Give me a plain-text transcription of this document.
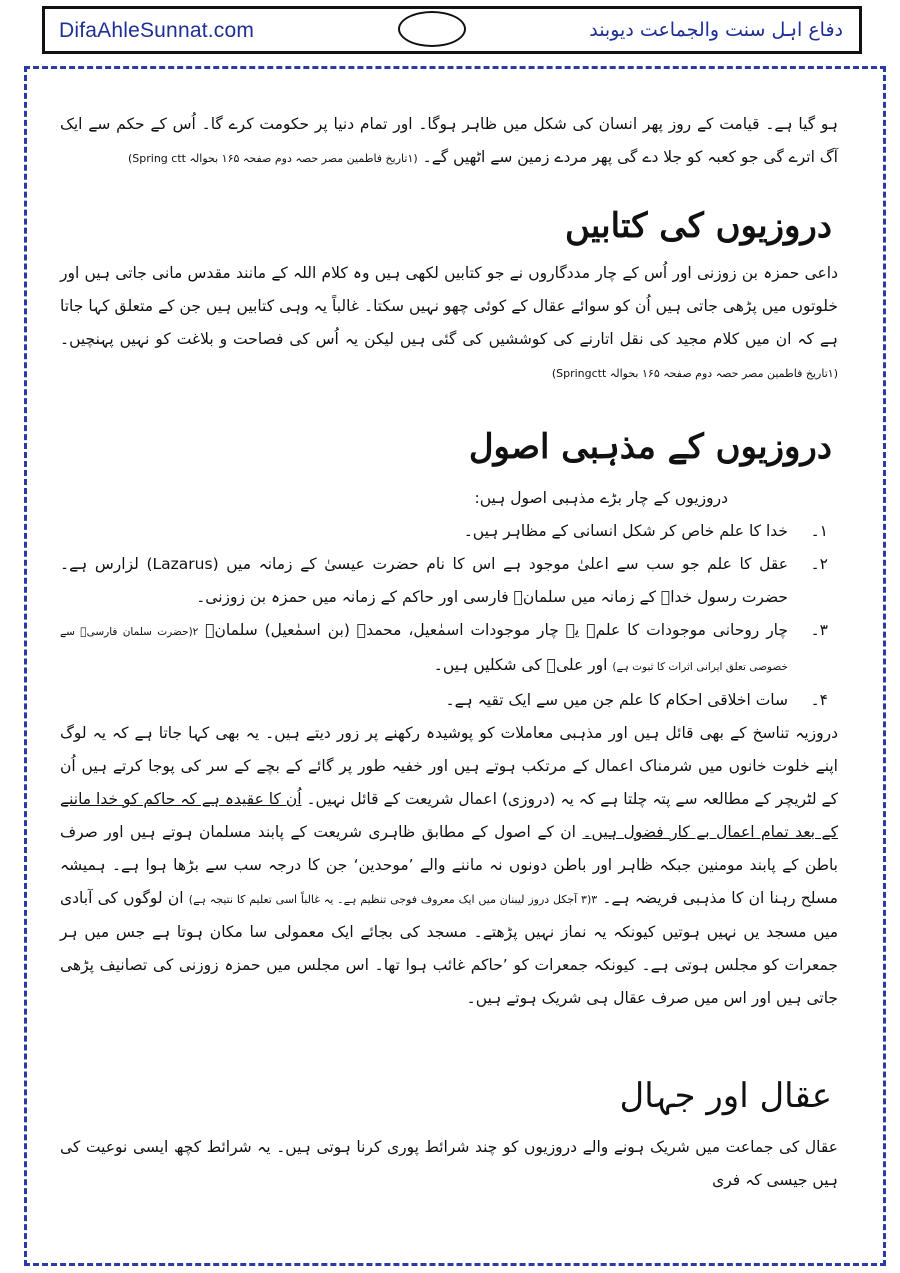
DifaAhleSunnat.com	دفاع اہل سنت والجماعت دیوبند

ہو گیا ہے۔ قیامت کے روز پھر انسان کی شکل میں ظاہر ہوگا۔ اور تمام دنیا پر حکومت کرے گا۔ اُس کے حکم سے ایک آگ اترے گی جو کعبہ کو جلا دے گی پھر مردے زمین سے اٹھیں گے۔ (۱تاریخ فاطمین مصر حصہ دوم صفحہ ۱۶۵ بحوالہ Spring ctt)

دروزیوں کی کتابیں

داعی حمزہ بن زوزنی اور اُس کے چار مددگاروں نے جو کتابیں لکھی ہیں وہ کلام اللہ کے مانند مقدس مانی جاتی ہیں اور خلوتوں میں پڑھی جاتی ہیں اُن کو سوائے عقال کے کوئی چھو نہیں سکتا۔ غالباً یہ وہی کتابیں ہیں جن کے متعلق کہا جاتا ہے کہ ان میں کلام مجید کی نقل اتارنے کی کوششیں کی گئی ہیں لیکن یہ اُس کی فصاحت و بلاغت کو نہیں پہنچیں۔ (۱تاریخ فاطمین مصر حصہ دوم صفحہ ۱۶۵ بحوالہ Springctt)

دروزیوں کے مذہبی اصول

دروزیوں کے چار بڑے مذہبی اصول ہیں:

۱۔
خدا کا علم خاص کر شکل انسانی کے مظاہر ہیں۔
۲۔
عقل کا علم جو سب سے اعلیٰ موجود ہے اس کا نام حضرت عیسیٰ کے زمانہ میں (Lazarus) لزارس ہے۔ حضرت رسول خداؐ کے زمانہ میں سلمانؓ فارسی اور حاکم کے زمانہ میں حمزہ بن زوزنی۔
۳۔
چار روحانی موجودات کا علم۔ یہ چار موجودات اسمٰعیل، محمدؐ (بن اسمٰعیل) سلمانؓ ۲(حضرت سلمان فارسیؓ سے خصوصی تعلق ایرانی اثرات کا ثبوت ہے) اور علیؓ کی شکلیں ہیں۔
۴۔
سات اخلاقی احکام کا علم جن میں سے ایک تقیہ ہے۔

دروزیہ تناسخ کے بھی قائل ہیں اور مذہبی معاملات کو پوشیدہ رکھنے پر زور دیتے ہیں۔ یہ بھی کہا جاتا ہے کہ یہ لوگ اپنے خلوت خانوں میں شرمناک اعمال کے مرتکب ہوتے ہیں اور خفیہ طور پر گائے کے بچے کے سر کی پوجا کرتے ہیں اُن کے لٹریچر کے مطالعہ سے پتہ چلتا ہے کہ یہ (دروزی) اعمال شریعت کے قائل نہیں۔ اُن کا عقیدہ ہے کہ حاکم کو خدا ماننے کے بعد تمام اعمال بے کار فضول ہیں۔ ان کے اصول کے مطابق ظاہری شریعت کے پابند مسلمان ہوتے ہیں اور صرف باطن کے پابند مومنین جبکہ ظاہر اور باطن دونوں نہ ماننے والے ’موحدین‘ جن کا درجہ سب سے بڑھا ہوا ہے۔ ہمیشہ مسلح رہنا ان کا مذہبی فریضہ ہے۔ ۳(۳ آجکل دروز لیبنان میں ایک معروف فوجی تنظیم ہے۔ یہ غالباً اسی تعلیم کا نتیجہ ہے) ان لوگوں کی آبادی میں مسجد یں نہیں ہوتیں کیونکہ یہ نماز نہیں پڑھتے۔ مسجد کی بجائے ایک معمولی سا مکان ہوتا ہے جس میں ہر جمعرات کو مجلس ہوتی ہے۔ کیونکہ جمعرات کو ’حاکم غائب ہوا تھا۔ اس مجلس میں حمزہ زوزنی کی تصانیف پڑھی جاتی ہیں اور اس میں صرف عقال ہی شریک ہوتے ہیں۔

عقال اور جہال

عقال کی جماعت میں شریک ہونے والے دروزیوں کو چند شرائط پوری کرنا ہوتی ہیں۔ یہ شرائط کچھ ایسی نوعیت کی ہیں جیسی کہ فری
